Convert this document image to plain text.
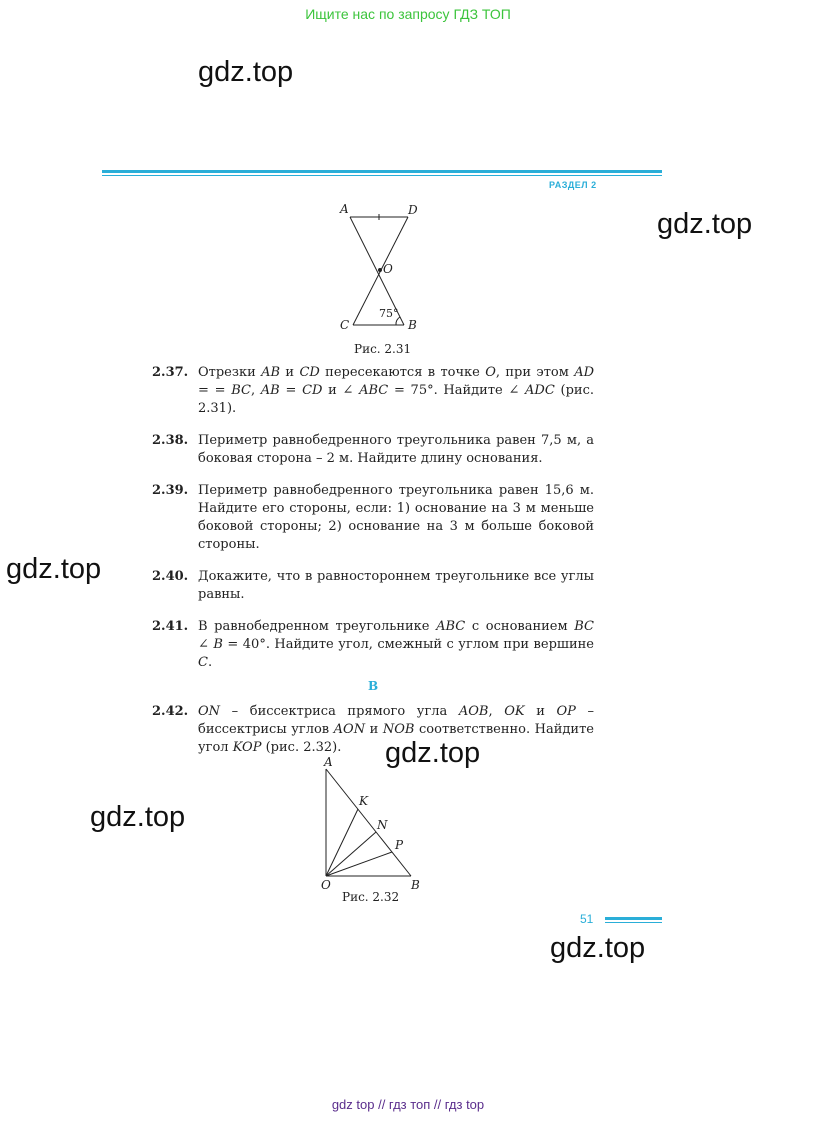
Ищите нас по запросу ГДЗ ТОП
gdz.top
gdz.top
gdz.top
gdz.top
gdz.top
gdz.top
РАЗДЕЛ 2
A	D
O
C	B
75°
Рис. 2.31
2.37. Отрезки AB и CD пересекаются в точке O, при этом AD = = BC, AB = CD и ∠ ABC = 75°. Найдите ∠ ADC (рис. 2.31).
2.38. Периметр равнобедренного треугольника равен 7,5 м, а боковая сторона – 2 м. Найдите длину основания.
2.39. Периметр равнобедренного треугольника равен 15,6 м. Найдите его стороны, если: 1) основание на 3 м меньше боковой стороны; 2) основание на 3 м больше боковой стороны.
2.40. Докажите, что в равностороннем треугольнике все углы равны.
2.41. В равнобедренном треугольнике ABC с основанием BC ∠ B = 40°. Найдите угол, смежный с углом при вершине C.
B
2.42. ON – биссектриса прямого угла AOB, OK и OP – биссектрисы углов AON и NOB соответственно. Найдите угол KOP (рис. 2.32).
A
K
N
P
O	B
Рис. 2.32
51
gdz top // гдз топ // гдз top
